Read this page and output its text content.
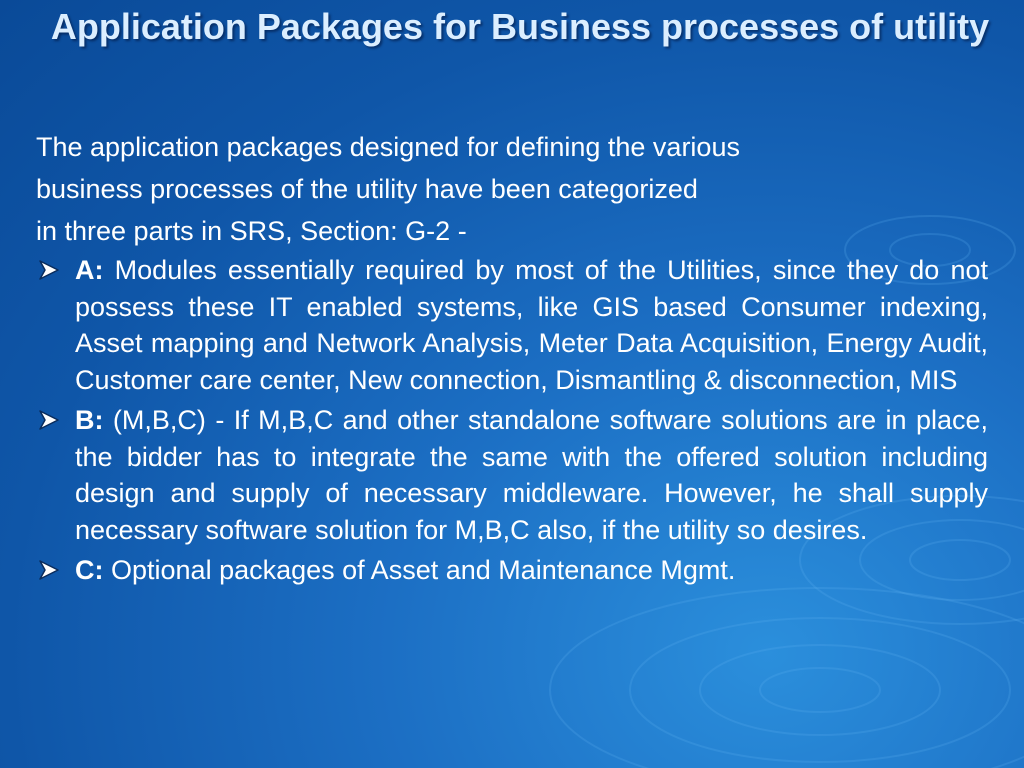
Application Packages for Business processes of utility

The application packages designed for defining the various

business processes of the utility have been categorized

in three parts in SRS, Section: G-2 -

A: Modules essentially required by most of the Utilities, since they do not possess these IT enabled systems, like GIS based Consumer indexing, Asset mapping and Network Analysis, Meter Data Acquisition, Energy Audit, Customer care center, New connection, Dismantling & disconnection, MIS
B: (M,B,C) - If M,B,C and other standalone software solutions are in place, the bidder has to integrate the same with the offered solution including design and supply of necessary middleware. However, he shall supply necessary software solution for M,B,C also, if the utility so desires.
C: Optional packages of Asset and Maintenance Mgmt.
